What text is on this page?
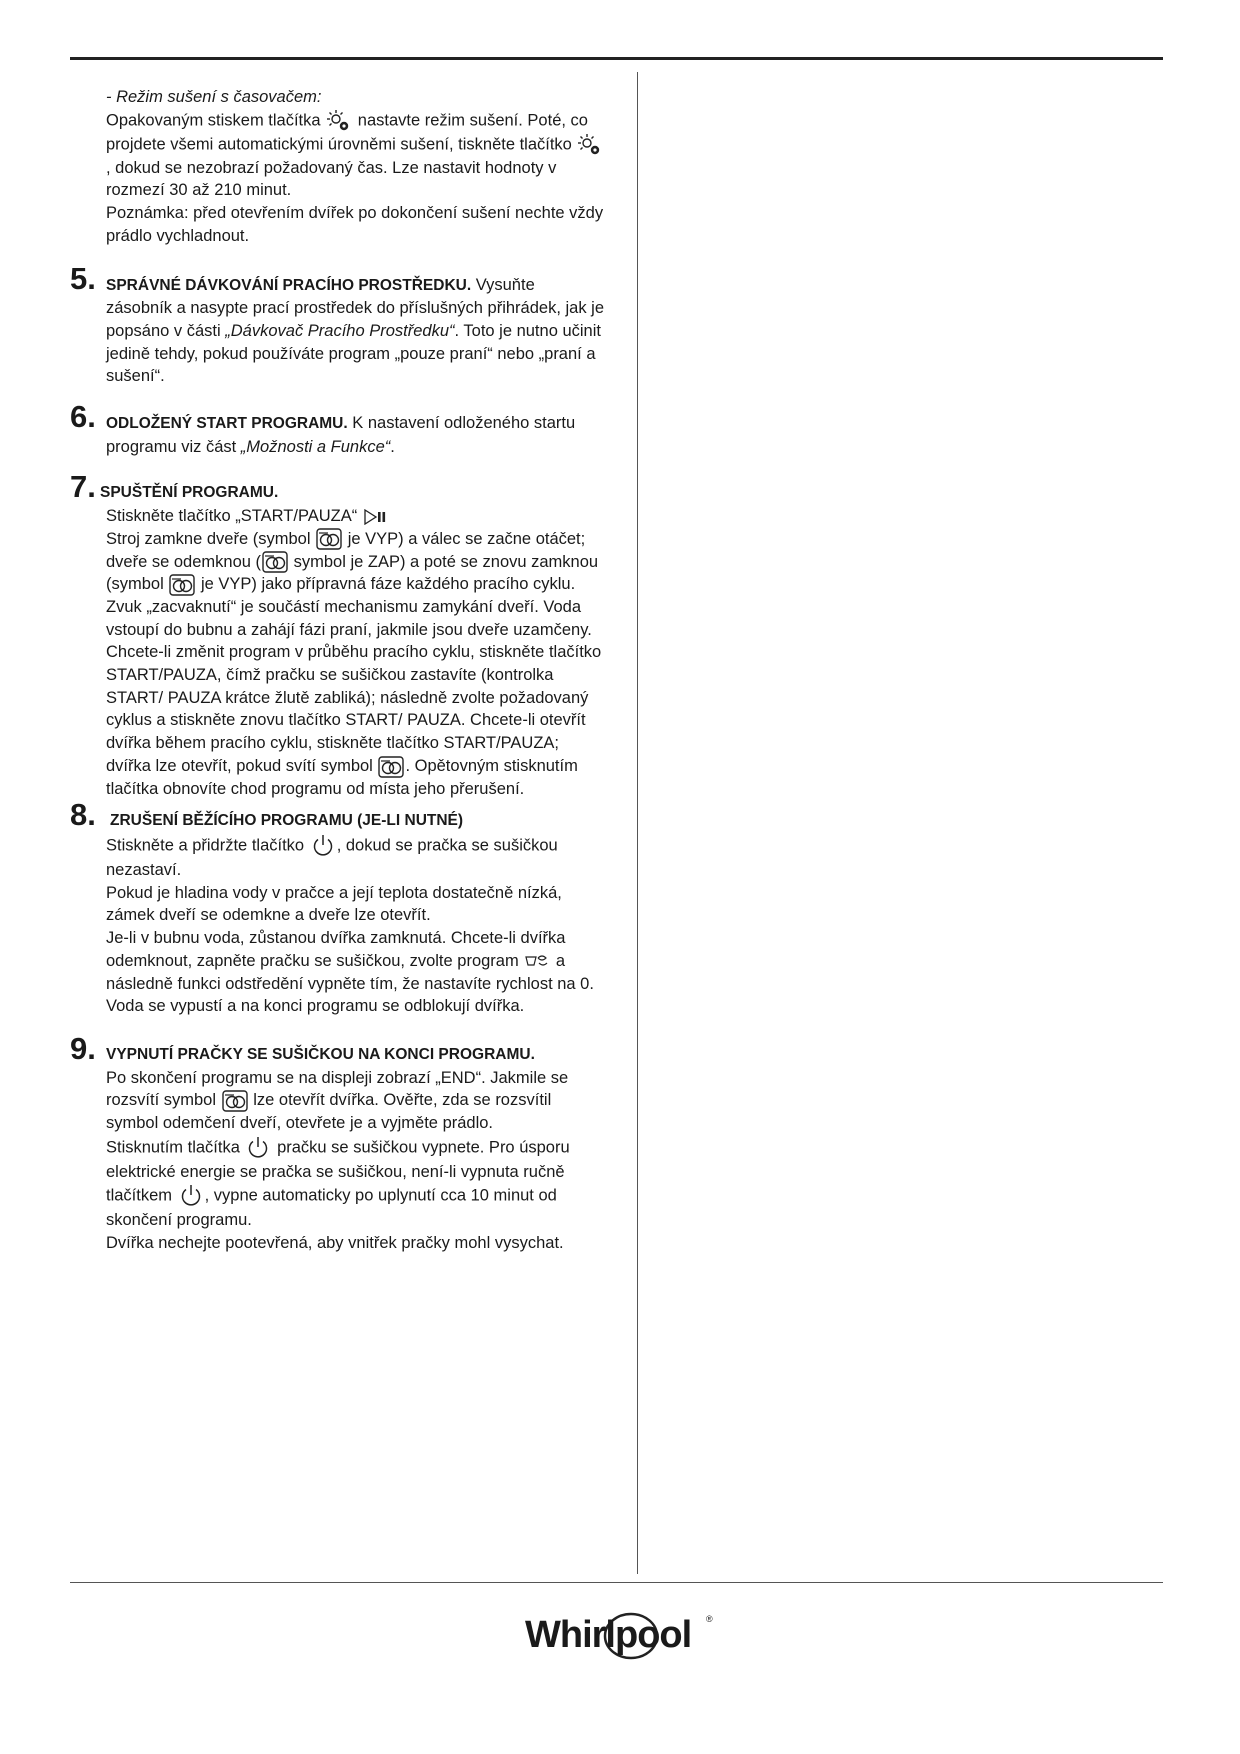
- Režim sušení s časovačem:
Opakovaným stiskem tlačítka nastavte režim sušení. Poté, co projdete všemi automatickými úrovněmi sušení, tiskněte tlačítko
, dokud se nezobrazí požadovaný čas. Lze nastavit hodnoty v rozmezí 30 až 210 minut.
Poznámka: před otevřením dvířek po dokončení sušení nechte vždy prádlo vychladnout.
5. SPRÁVNÉ DÁVKOVÁNÍ PRACÍHO PROSTŘEDKU. Vysuňte zásobník a nasypte prací prostředek do příslušných přihrádek, jak je popsáno v části „Dávkovač Pracího Prostředku“. Toto je nutno učinit jedině tehdy, pokud používáte program „pouze praní“ nebo „praní a sušení“.
6. ODLOŽENÝ START PROGRAMU. K nastavení odloženého startu programu viz část „Možnosti a Funkce“.
7. SPUŠTĚNÍ PROGRAMU.
Stiskněte tlačítko „START/PAUZA“
Stroj zamkne dveře (symbol je VYP) a válec se začne otáčet; dveře se odemknou ( symbol je ZAP) a poté se znovu zamknou (symbol je VYP) jako přípravná fáze každého pracího cyklu. Zvuk „zacvaknutí“ je součástí mechanismu zamykání dveří. Voda vstoupí do bubnu a zahájí fázi praní, jakmile jsou dveře uzamčeny.
Chcete-li změnit program v průběhu pracího cyklu, stiskněte tlačítko START/PAUZA, čímž pračku se sušičkou zastavíte (kontrolka START/ PAUZA krátce žlutě zabliká); následně zvolte požadovaný cyklus a stiskněte znovu tlačítko START/ PAUZA. Chcete-li otevřít dvířka během pracího cyklu, stiskněte tlačítko START/PAUZA; dvířka lze otevřít, pokud svítí symbol . Opětovným stisknutím tlačítka obnovíte chod programu od místa jeho přerušení.
8. ZRUŠENÍ BĚŽÍCÍHO PROGRAMU (JE-LI NUTNÉ)
Stiskněte a přidržte tlačítko , dokud se pračka se sušičkou nezastaví.
Pokud je hladina vody v pračce a její teplota dostatečně nízká, zámek dveří se odemkne a dveře lze otevřít.
Je-li v bubnu voda, zůstanou dvířka zamknutá. Chcete-li dvířka odemknout, zapněte pračku se sušičkou, zvolte program a následně funkci odstředění vypněte tím, že nastavíte rychlost na 0. Voda se vypustí a na konci programu se odblokují dvířka.
9. VYPNUTÍ PRAČKY SE SUŠIČKOU NA KONCI PROGRAMU.
Po skončení programu se na displeji zobrazí „END“. Jakmile se rozsvítí symbol lze otevřít dvířka. Ověřte, zda se rozsvítil symbol odemčení dveří, otevřete je a vyjměte prádlo.
Stisknutím tlačítka pračku se sušičkou vypnete. Pro úsporu elektrické energie se pračka se sušičkou, není-li vypnuta ručně tlačítkem , vypne automaticky po uplynutí cca 10 minut od skončení programu.
Dvířka nechejte pootevřená, aby vnitřek pračky mohl vysychat.
Whirlpool ®
